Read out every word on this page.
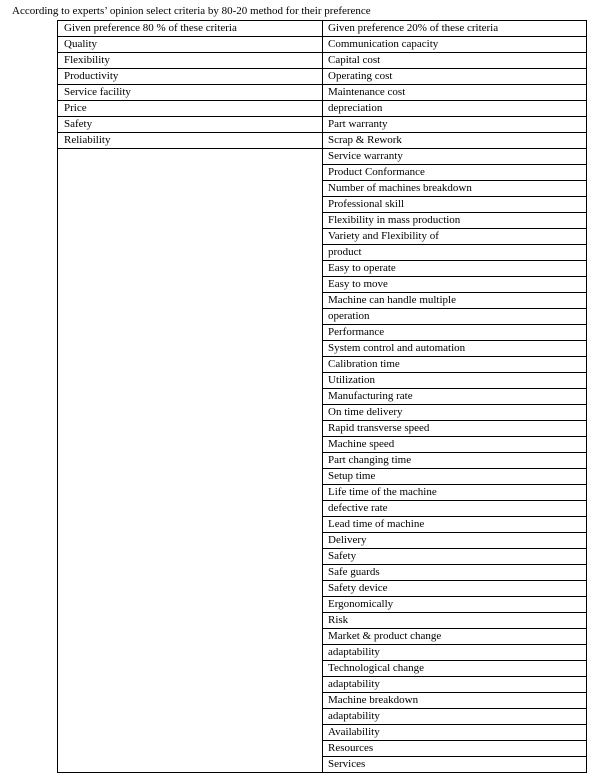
According to experts’ opinion select criteria by 80-20 method for their preference
Given preference 80 % of these criteria	Given preference 20% of these criteria
Quality
Flexibility
Productivity
Service facility
Price
Safety
Reliability
Communication capacity
Capital cost
Operating cost
Maintenance cost
depreciation
Part warranty
Scrap & Rework
Service warranty
Product Conformance
Number of machines breakdown
Professional skill
Flexibility in mass production
Variety and Flexibility of
product
Easy to operate
Easy to move
Machine can handle multiple
operation
Performance
System control and automation
Calibration time
Utilization
Manufacturing rate
On time delivery
Rapid transverse speed
Machine speed
Part changing time
Setup time
Life time of the machine
defective rate
Lead time of machine
Delivery
Safety
Safe guards
Safety device
Ergonomically
Risk
Market & product change
adaptability
Technological change
adaptability
Machine breakdown
adaptability
Availability
Resources
Services
